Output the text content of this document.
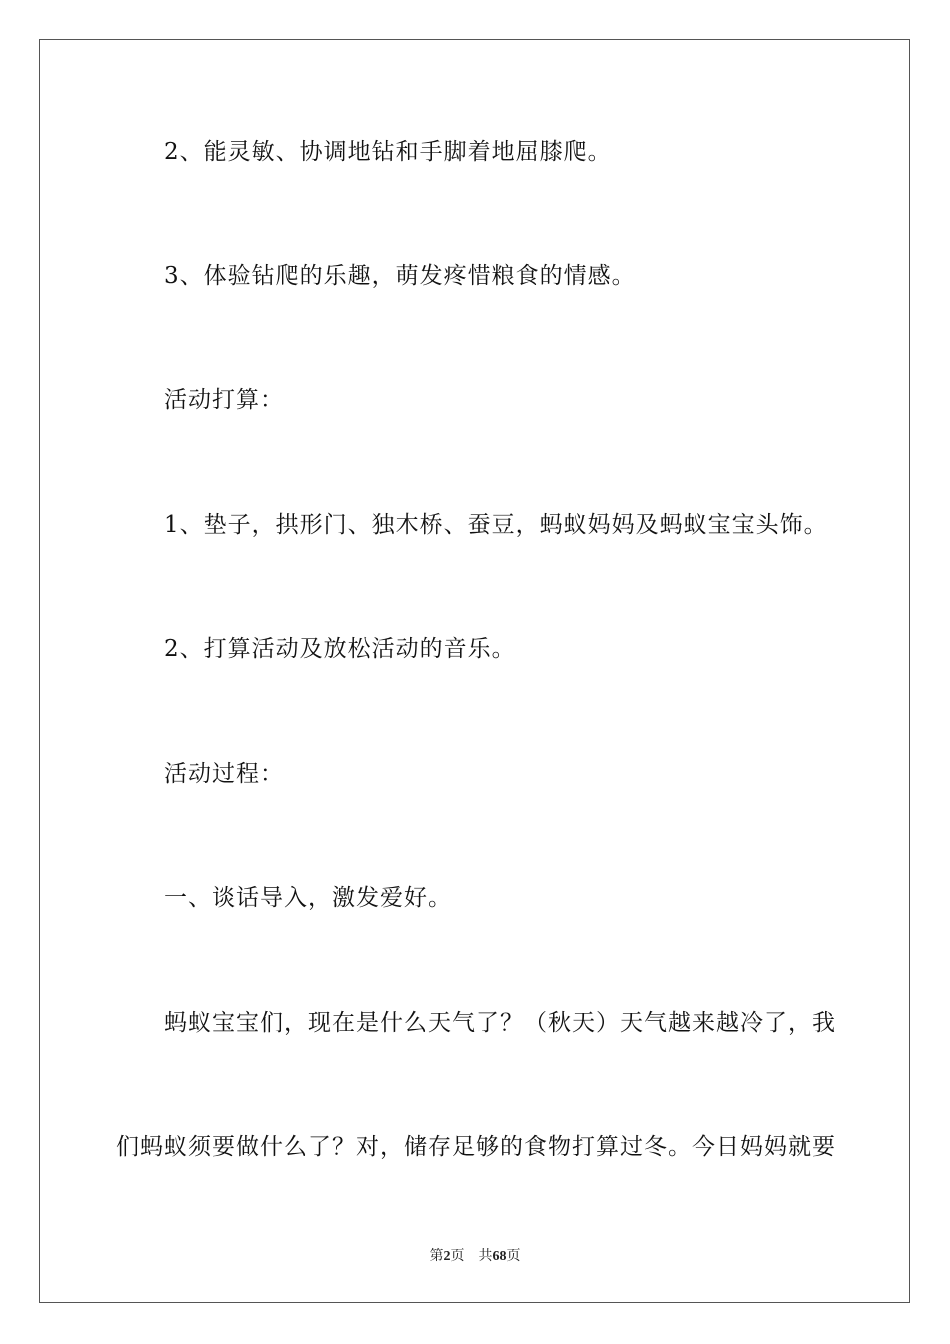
2、能灵敏、协调地钻和手脚着地屈膝爬。
3、体验钻爬的乐趣，萌发疼惜粮食的情感。
活动打算：
1、垫子，拱形门、独木桥、蚕豆，蚂蚁妈妈及蚂蚁宝宝头饰。
2、打算活动及放松活动的音乐。
活动过程：
一、谈话导入，激发爱好。
蚂蚁宝宝们，现在是什么天气了？（秋天）天气越来越冷了，我
们蚂蚁须要做什么了？对，储存足够的食物打算过冬。今日妈妈就要
第2页 共68页
